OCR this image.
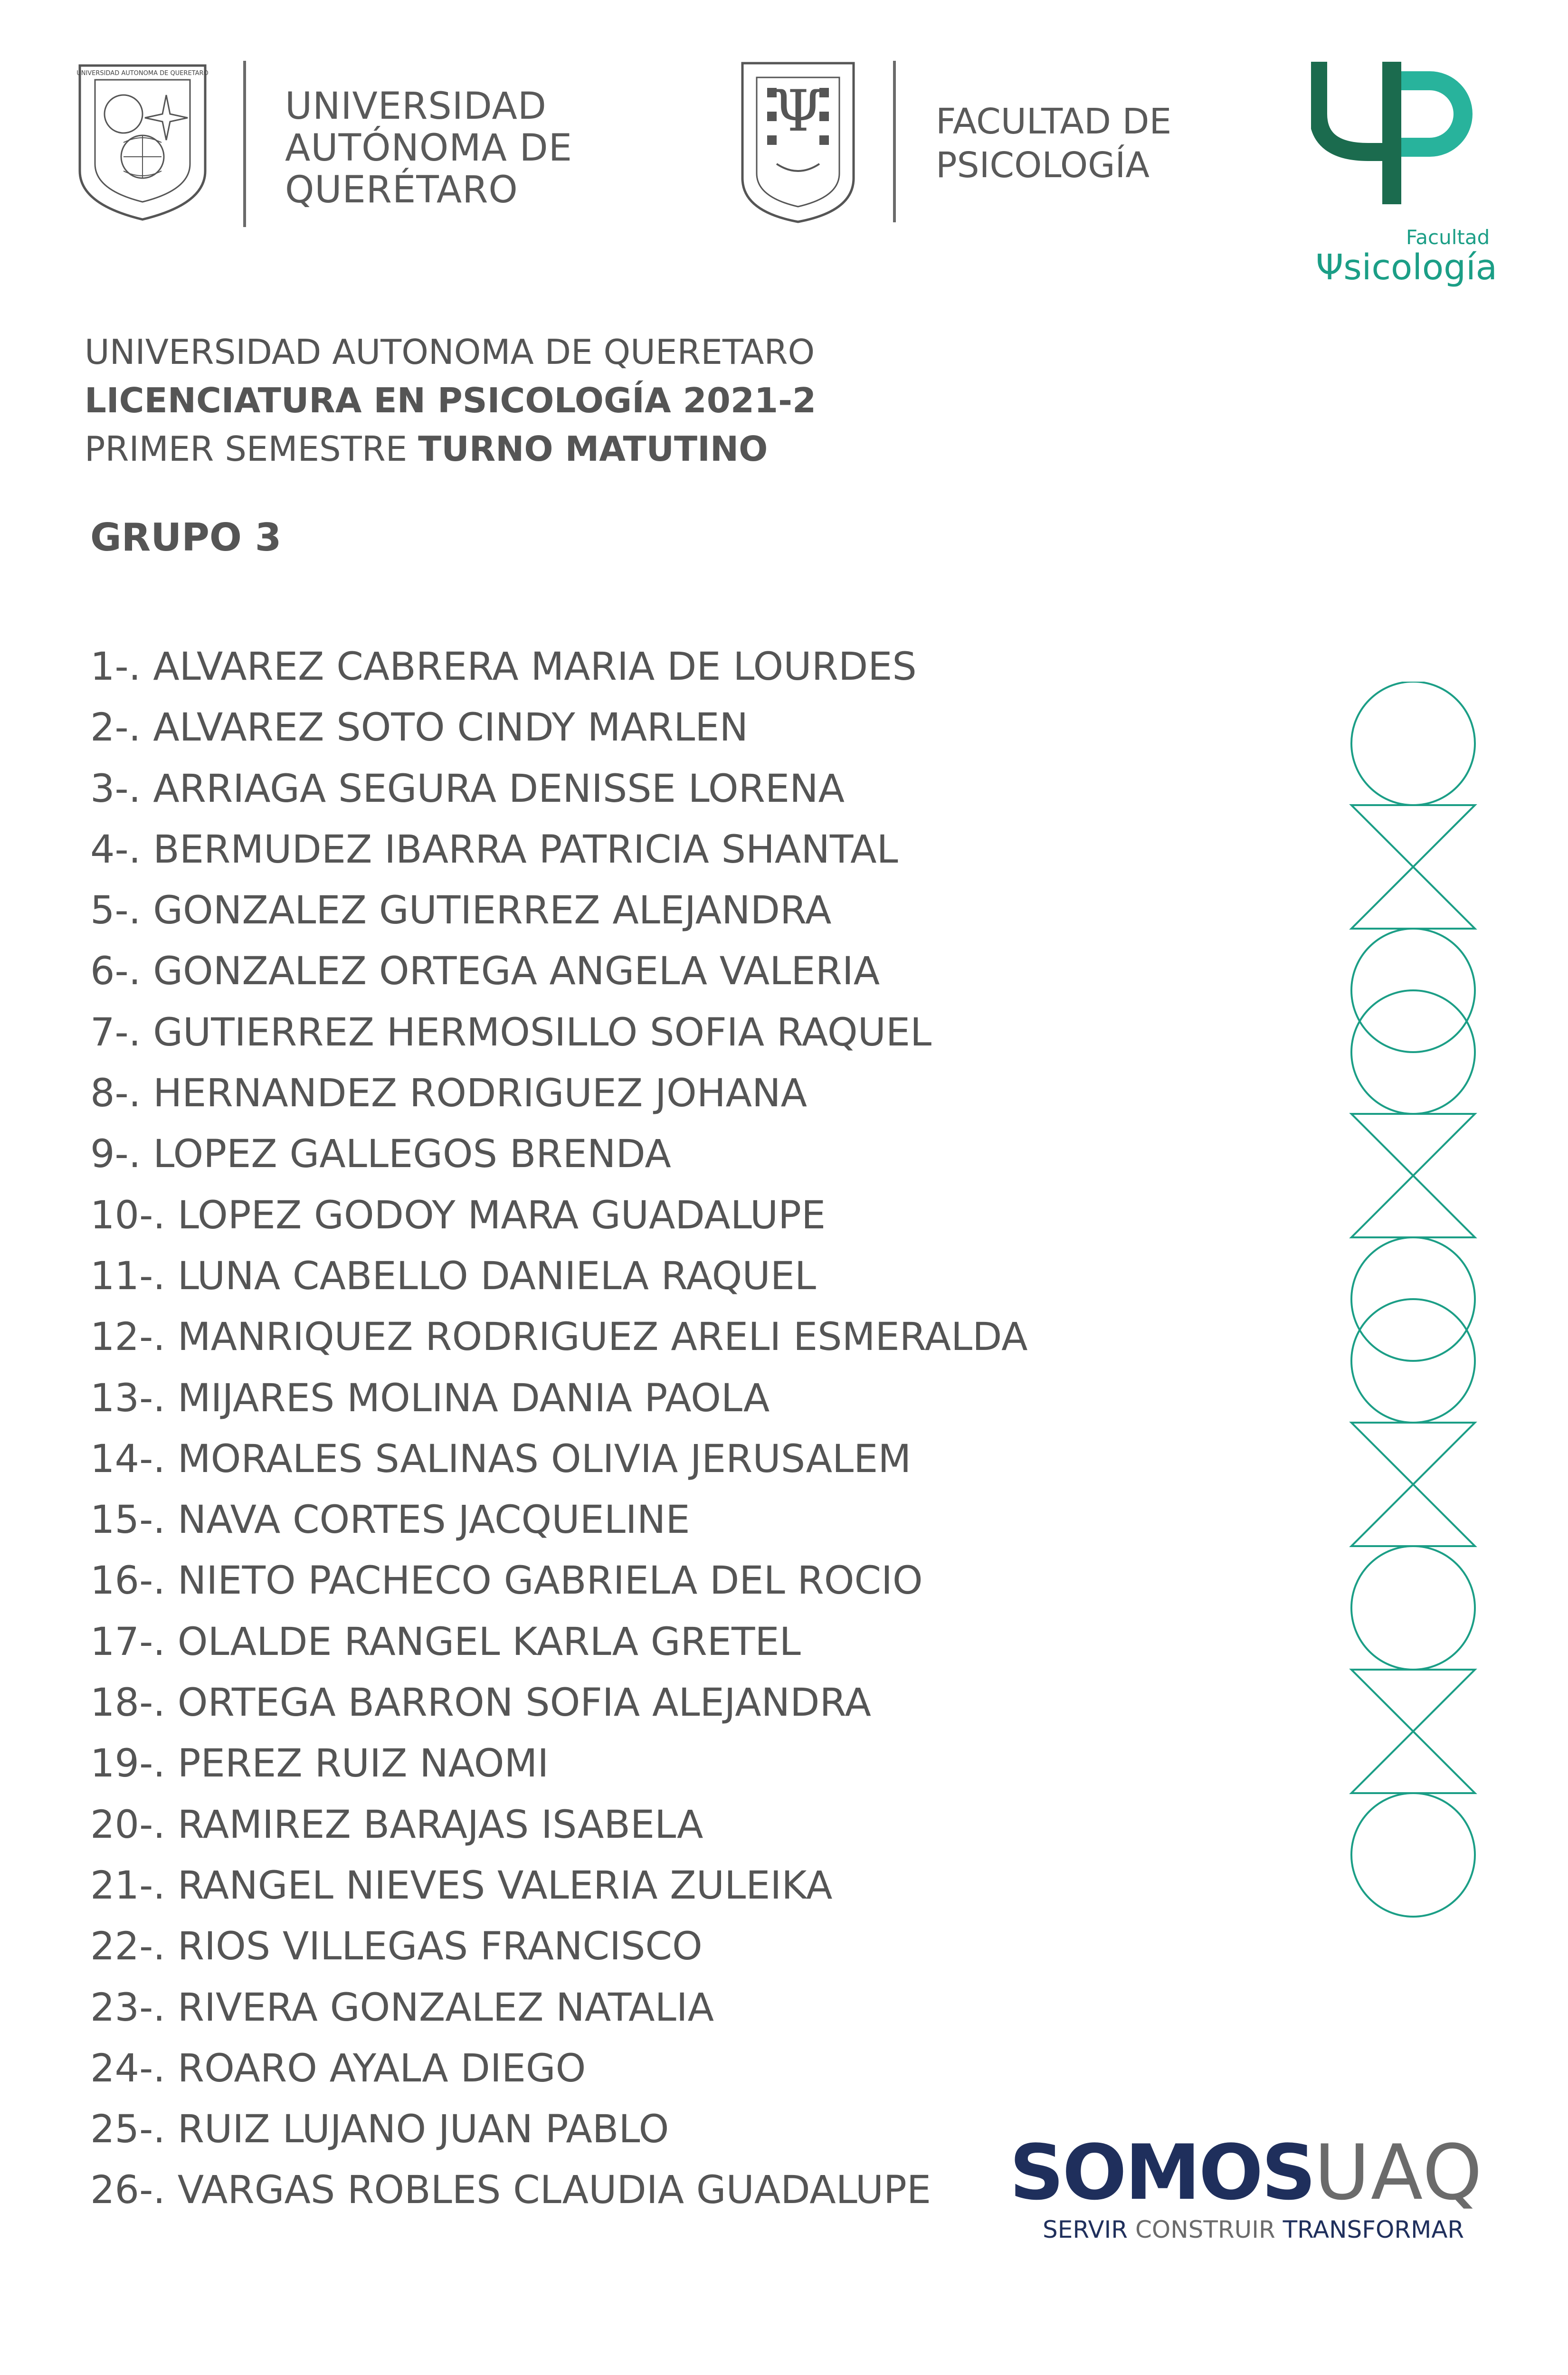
UNIVERSIDAD AUTONOMA DE QUERETARO
UNIVERSIDAD
AUTÓNOMA DE
QUERÉTARO
Ψ	FACULTAD DE
PSICOLOGÍA
Facultad
Ψsicología
UNIVERSIDAD AUTONOMA DE QUERETARO
LICENCIATURA EN PSICOLOGÍA 2021-2
PRIMER SEMESTRE TURNO MATUTINO
GRUPO 3
1-. ALVAREZ CABRERA MARIA DE LOURDES
2-. ALVAREZ SOTO CINDY MARLEN
3-. ARRIAGA SEGURA DENISSE LORENA
4-. BERMUDEZ IBARRA PATRICIA SHANTAL
5-. GONZALEZ GUTIERREZ ALEJANDRA
6-. GONZALEZ ORTEGA ANGELA VALERIA
7-. GUTIERREZ HERMOSILLO SOFIA RAQUEL
8-. HERNANDEZ RODRIGUEZ JOHANA
9-. LOPEZ GALLEGOS BRENDA
10-. LOPEZ GODOY MARA GUADALUPE
11-. LUNA CABELLO DANIELA RAQUEL
12-. MANRIQUEZ RODRIGUEZ ARELI ESMERALDA
13-. MIJARES MOLINA DANIA PAOLA
14-. MORALES SALINAS OLIVIA JERUSALEM
15-. NAVA CORTES JACQUELINE
16-. NIETO PACHECO GABRIELA DEL ROCIO
17-. OLALDE RANGEL KARLA GRETEL
18-. ORTEGA BARRON SOFIA ALEJANDRA
19-. PEREZ RUIZ NAOMI
20-. RAMIREZ BARAJAS ISABELA
21-. RANGEL NIEVES VALERIA ZULEIKA
22-. RIOS VILLEGAS FRANCISCO
23-. RIVERA GONZALEZ NATALIA
24-. ROARO AYALA DIEGO
25-. RUIZ LUJANO JUAN PABLO
26-. VARGAS ROBLES CLAUDIA GUADALUPE	SOMOSUAQ
SERVIR CONSTRUIR TRANSFORMAR
